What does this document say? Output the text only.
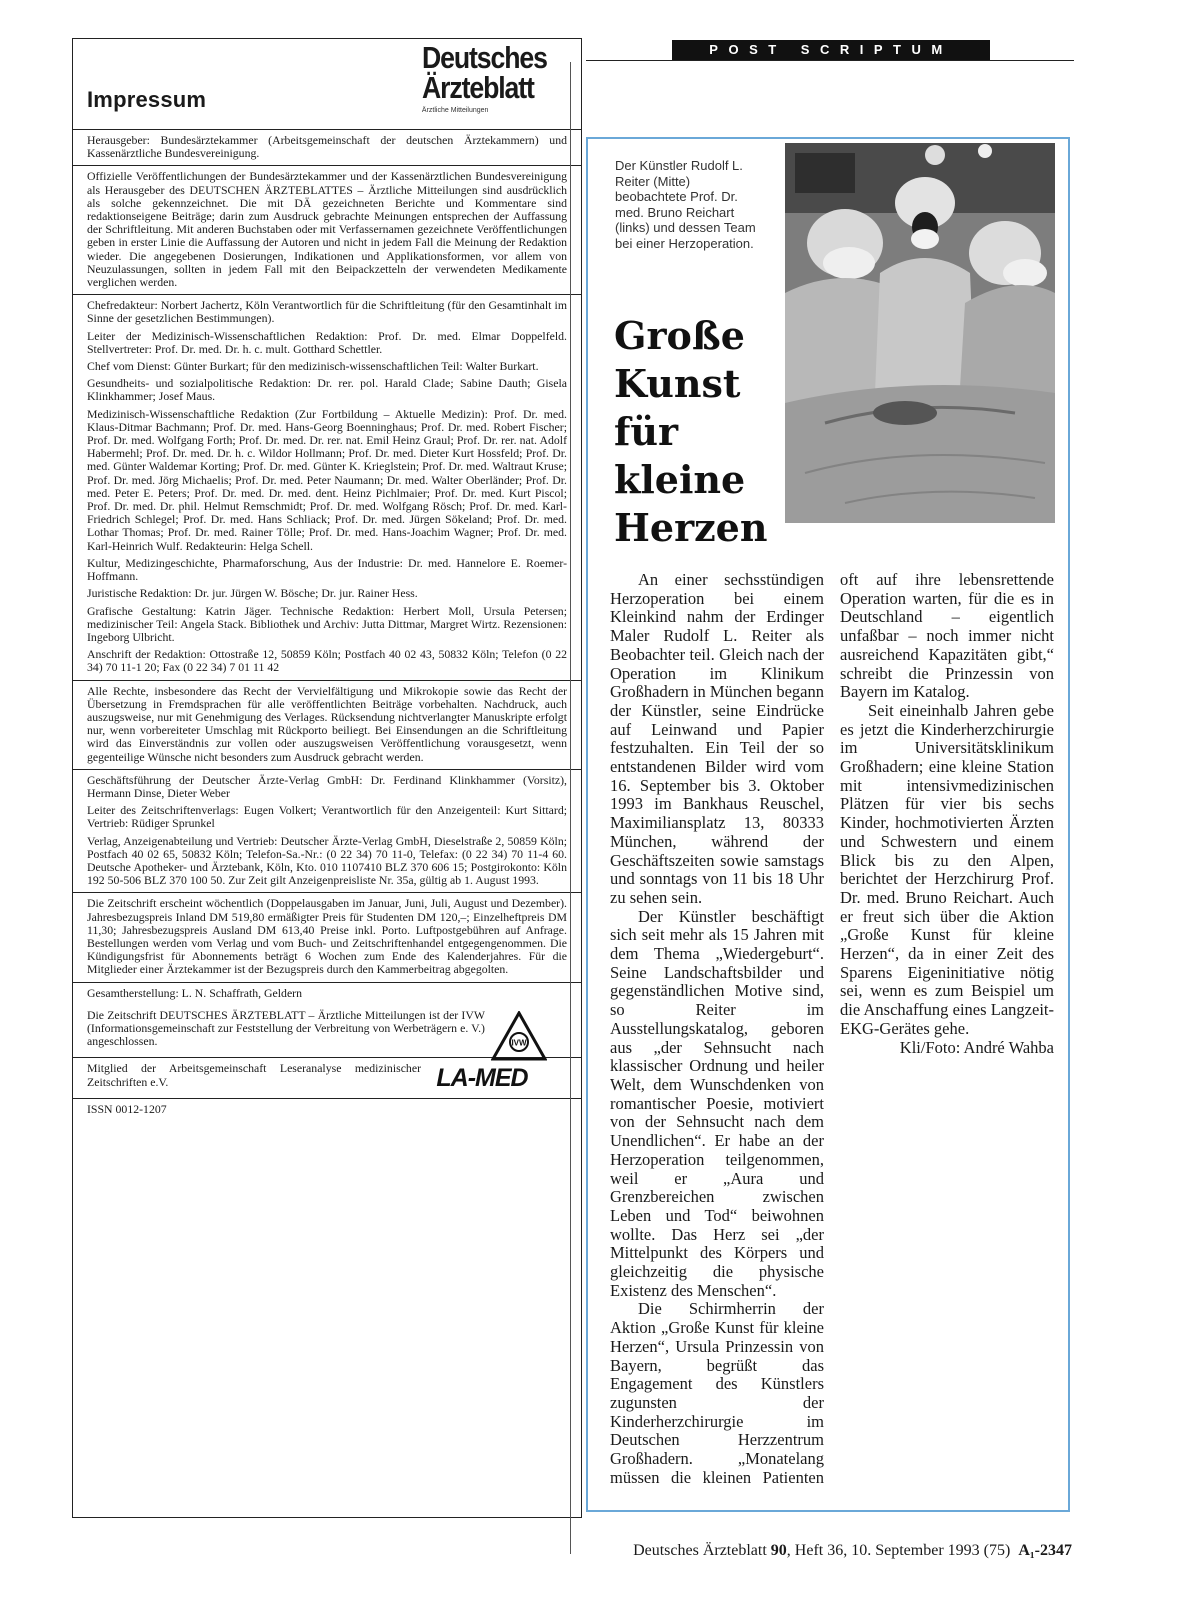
Impressum
Deutsches
Ärzteblatt
Ärztliche Mitteilungen

Herausgeber: Bundesärztekammer (Arbeitsgemeinschaft der deutschen Ärztekammern) und Kassenärztliche Bundesvereinigung.

Offizielle Veröffentlichungen der Bundesärztekammer und der Kassenärztlichen Bundesvereinigung als Herausgeber des DEUTSCHEN ÄRZTEBLATTES – Ärztliche Mitteilungen sind ausdrücklich als solche gekennzeichnet. Die mit DÄ gezeichneten Berichte und Kommentare sind redaktionseigene Beiträge; darin zum Ausdruck gebrachte Meinungen entsprechen der Auffassung der Schriftleitung. Mit anderen Buchstaben oder mit Verfassernamen gezeichnete Veröffentlichungen geben in erster Linie die Auffassung der Autoren und nicht in jedem Fall die Meinung der Redaktion wieder. Die angegebenen Dosierungen, Indikationen und Applikationsformen, vor allem von Neuzulassungen, sollten in jedem Fall mit den Beipackzetteln der verwendeten Medikamente verglichen werden.

Chefredakteur: Norbert Jachertz, Köln Verantwortlich für die Schriftleitung (für den Gesamtinhalt im Sinne der gesetzlichen Bestimmungen).

Leiter der Medizinisch-Wissenschaftlichen Redaktion: Prof. Dr. med. Elmar Doppelfeld. Stellvertreter: Prof. Dr. med. Dr. h. c. mult. Gotthard Schettler.

Chef vom Dienst: Günter Burkart; für den medizinisch-wissenschaftlichen Teil: Walter Burkart.

Gesundheits- und sozialpolitische Redaktion: Dr. rer. pol. Harald Clade; Sabine Dauth; Gisela Klinkhammer; Josef Maus.

Medizinisch-Wissenschaftliche Redaktion (Zur Fortbildung – Aktuelle Medizin): Prof. Dr. med. Klaus-Ditmar Bachmann; Prof. Dr. med. Hans-Georg Boenninghaus; Prof. Dr. med. Robert Fischer; Prof. Dr. med. Wolfgang Forth; Prof. Dr. med. Dr. rer. nat. Emil Heinz Graul; Prof. Dr. rer. nat. Adolf Habermehl; Prof. Dr. med. Dr. h. c. Wildor Hollmann; Prof. Dr. med. Dieter Kurt Hossfeld; Prof. Dr. med. Günter Waldemar Korting; Prof. Dr. med. Günter K. Krieglstein; Prof. Dr. med. Waltraut Kruse; Prof. Dr. med. Jörg Michaelis; Prof. Dr. med. Peter Naumann; Dr. med. Walter Oberländer; Prof. Dr. med. Peter E. Peters; Prof. Dr. med. Dr. med. dent. Heinz Pichlmaier; Prof. Dr. med. Kurt Piscol; Prof. Dr. med. Dr. phil. Helmut Remschmidt; Prof. Dr. med. Wolfgang Rösch; Prof. Dr. med. Karl-Friedrich Schlegel; Prof. Dr. med. Hans Schliack; Prof. Dr. med. Jürgen Sökeland; Prof. Dr. med. Lothar Thomas; Prof. Dr. med. Rainer Tölle; Prof. Dr. med. Hans-Joachim Wagner; Prof. Dr. med. Karl-Heinrich Wulf. Redakteurin: Helga Schell.

Kultur, Medizingeschichte, Pharmaforschung, Aus der Industrie: Dr. med. Hannelore E. Roemer-Hoffmann.

Juristische Redaktion: Dr. jur. Jürgen W. Bösche; Dr. jur. Rainer Hess.

Grafische Gestaltung: Katrin Jäger. Technische Redaktion: Herbert Moll, Ursula Petersen; medizinischer Teil: Angela Stack. Bibliothek und Archiv: Jutta Dittmar, Margret Wirtz. Rezensionen: Ingeborg Ulbricht.

Anschrift der Redaktion: Ottostraße 12, 50859 Köln; Postfach 40 02 43, 50832 Köln; Telefon (0 22 34) 70 11-1 20; Fax (0 22 34) 7 01 11 42

Alle Rechte, insbesondere das Recht der Vervielfältigung und Mikrokopie sowie das Recht der Übersetzung in Fremdsprachen für alle veröffentlichten Beiträge vorbehalten. Nachdruck, auch auszugsweise, nur mit Genehmigung des Verlages. Rücksendung nichtverlangter Manuskripte erfolgt nur, wenn vorbereiteter Umschlag mit Rückporto beiliegt. Bei Einsendungen an die Schriftleitung wird das Einverständnis zur vollen oder auszugsweisen Veröffentlichung vorausgesetzt, wenn gegenteilige Wünsche nicht besonders zum Ausdruck gebracht werden.

Geschäftsführung der Deutscher Ärzte-Verlag GmbH: Dr. Ferdinand Klinkhammer (Vorsitz), Hermann Dinse, Dieter Weber

Leiter des Zeitschriftenverlags: Eugen Volkert; Verantwortlich für den Anzeigenteil: Kurt Sittard; Vertrieb: Rüdiger Sprunkel

Verlag, Anzeigenabteilung und Vertrieb: Deutscher Ärzte-Verlag GmbH, Dieselstraße 2, 50859 Köln; Postfach 40 02 65, 50832 Köln; Telefon-Sa.-Nr.: (0 22 34) 70 11-0, Telefax: (0 22 34) 70 11-4 60. Deutsche Apotheker- und Ärztebank, Köln, Kto. 010 1107410 BLZ 370 606 15; Postgirokonto: Köln 192 50-506 BLZ 370 100 50. Zur Zeit gilt Anzeigenpreisliste Nr. 35a, gültig ab 1. August 1993.

Die Zeitschrift erscheint wöchentlich (Doppelausgaben im Januar, Juni, Juli, August und Dezember). Jahresbezugspreis Inland DM 519,80 ermäßigter Preis für Studenten DM 120,–; Einzelheftpreis DM 11,30; Jahresbezugspreis Ausland DM 613,40 Preise inkl. Porto. Luftpostgebühren auf Anfrage. Bestellungen werden vom Verlag und vom Buch- und Zeitschriftenhandel entgegengenommen. Die Kündigungsfrist für Abonnements beträgt 6 Wochen zum Ende des Kalenderjahres. Für die Mitglieder einer Ärztekammer ist der Bezugspreis durch den Kammerbeitrag abgegolten.

Gesamtherstellung: L. N. Schaffrath, Geldern

Die Zeitschrift DEUTSCHES ÄRZTEBLATT – Ärztliche Mitteilungen ist der IVW (Informationsgemeinschaft zur Feststellung der Verbreitung von Werbeträgern e. V.) angeschlossen.	IVW

Mitglied der Arbeitsgemeinschaft Leseranalyse medizinischer Zeitschriften e.V.	LA-MED

ISSN 0012-1207

POST SCRIPTUM
Der Künstler Rudolf L. Reiter (Mitte) beobachtete Prof. Dr. med. Bruno Reichart (links) und dessen Team bei einer Herzoperation.
Große
Kunst
für
kleine
Herzen

An einer sechsstündigen Herzoperation bei einem Kleinkind nahm der Erdinger Maler Rudolf L. Reiter als Beobachter teil. Gleich nach der Operation im Klinikum Großhadern in München begann der Künstler, seine Eindrücke auf Leinwand und Papier festzuhalten. Ein Teil der so entstandenen Bilder wird vom 16. September bis 3. Oktober 1993 im Bankhaus Reuschel, Maximiliansplatz 13, 80333 München, während der Geschäftszeiten sowie samstags und sonntags von 11 bis 18 Uhr zu sehen sein.

Der Künstler beschäftigt sich seit mehr als 15 Jahren mit dem Thema „Wiedergeburt“. Seine Landschaftsbilder und gegenständlichen Motive sind, so Reiter im Ausstellungskatalog, geboren aus „der Sehnsucht nach klassischer Ordnung und heiler Welt, dem Wunschdenken von romantischer Poesie, motiviert von der Sehnsucht nach dem Unendlichen“. Er habe an der Herzoperation teilgenommen, weil er „Aura und Grenzbereichen zwischen Leben und Tod“ beiwohnen wollte. Das Herz sei „der Mittelpunkt des Körpers und gleichzeitig die physische Existenz des Menschen“.

Die Schirmherrin der Aktion „Große Kunst für kleine Herzen“, Ursula Prinzessin von Bayern, begrüßt das Engagement des Künstlers zugunsten der Kinderherzchirurgie im Deutschen Herzzentrum Großhadern. „Monatelang müssen die kleinen Patienten oft auf ihre lebensrettende Operation warten, für die es in Deutschland – eigentlich unfaßbar – noch immer nicht ausreichend Kapazitäten gibt,“ schreibt die Prinzessin von Bayern im Katalog.

Seit eineinhalb Jahren gebe es jetzt die Kinderherzchirurgie im Universitätsklinikum Großhadern; eine kleine Station mit intensivmedizinischen Plätzen für vier bis sechs Kinder, hochmotivierten Ärzten und Schwestern und einem Blick bis zu den Alpen, berichtet der Herzchirurg Prof. Dr. med. Bruno Reichart. Auch er freut sich über die Aktion „Große Kunst für kleine Herzen“, da in einer Zeit des Sparens Eigeninitiative nötig sei, wenn es zum Beispiel um die Anschaffung eines Langzeit-EKG-Gerätes gehe.

Kli/Foto: André Wahba

Deutsches Ärzteblatt 90, Heft 36, 10. September 1993 (75) A₁-2347
